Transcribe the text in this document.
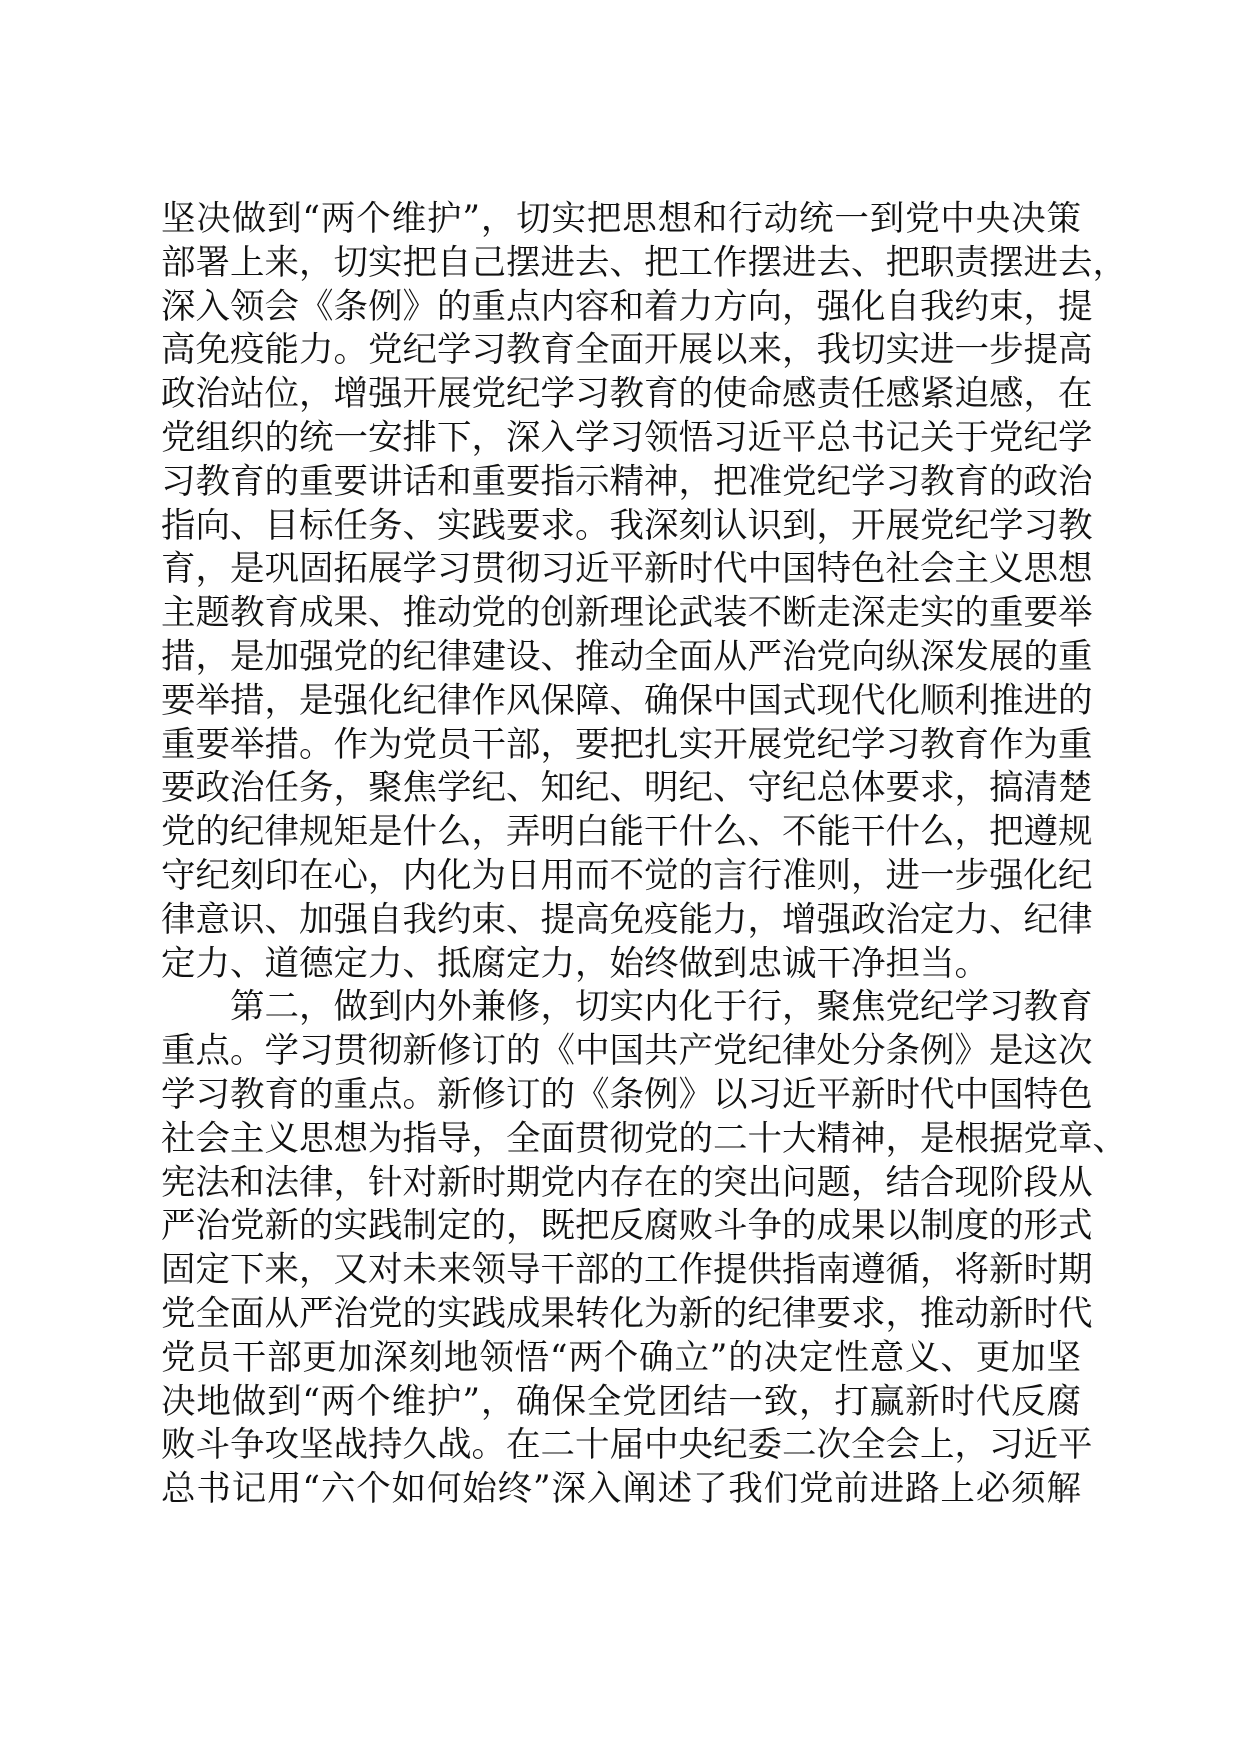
坚决做到“两个维护”，切实把思想和行动统一到党中央决策
部署上来，切实把自己摆进去、把工作摆进去、把职责摆进去，
深入领会《条例》的重点内容和着力方向，强化自我约束，提
高免疫能力。党纪学习教育全面开展以来，我切实进一步提高
政治站位，增强开展党纪学习教育的使命感责任感紧迫感，在
党组织的统一安排下，深入学习领悟习近平总书记关于党纪学
习教育的重要讲话和重要指示精神，把准党纪学习教育的政治
指向、目标任务、实践要求。我深刻认识到，开展党纪学习教
育，是巩固拓展学习贯彻习近平新时代中国特色社会主义思想
主题教育成果、推动党的创新理论武装不断走深走实的重要举
措，是加强党的纪律建设、推动全面从严治党向纵深发展的重
要举措，是强化纪律作风保障、确保中国式现代化顺利推进的
重要举措。作为党员干部，要把扎实开展党纪学习教育作为重
要政治任务，聚焦学纪、知纪、明纪、守纪总体要求，搞清楚
党的纪律规矩是什么，弄明白能干什么、不能干什么，把遵规
守纪刻印在心，内化为日用而不觉的言行准则，进一步强化纪
律意识、加强自我约束、提高免疫能力，增强政治定力、纪律
定力、道德定力、抵腐定力，始终做到忠诚干净担当。
第二，做到内外兼修，切实内化于行，聚焦党纪学习教育
重点。学习贯彻新修订的《中国共产党纪律处分条例》是这次
学习教育的重点。新修订的《条例》以习近平新时代中国特色
社会主义思想为指导，全面贯彻党的二十大精神，是根据党章、
宪法和法律，针对新时期党内存在的突出问题，结合现阶段从
严治党新的实践制定的，既把反腐败斗争的成果以制度的形式
固定下来，又对未来领导干部的工作提供指南遵循，将新时期
党全面从严治党的实践成果转化为新的纪律要求，推动新时代
党员干部更加深刻地领悟“两个确立”的决定性意义、更加坚
决地做到“两个维护”，确保全党团结一致，打赢新时代反腐
败斗争攻坚战持久战。在二十届中央纪委二次全会上，习近平
总书记用“六个如何始终”深入阐述了我们党前进路上必须解
